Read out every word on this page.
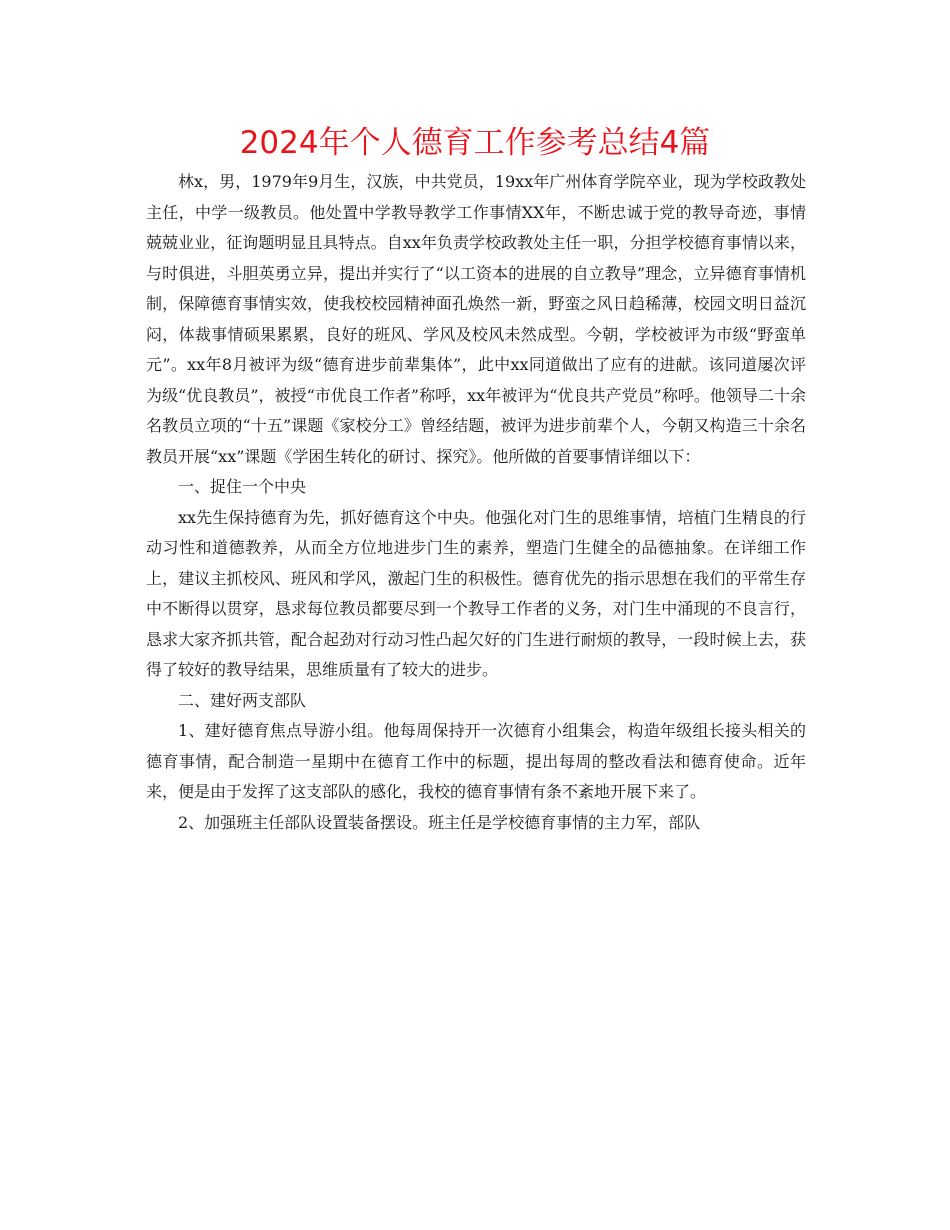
2024年个人德育工作参考总结4篇

林x，男，1979年9月生，汉族，中共党员，19xx年广州体育学院卒业，现为学校政教处主任，中学一级教员。他处置中学教导教学工作事情XX年，不断忠诚于党的教导奇迹，事情兢兢业业，征询题明显且具特点。自xx年负责学校政教处主任一职，分担学校德育事情以来，与时俱进，斗胆英勇立异，提出并实行了“以工资本的进展的自立教导”理念，立异德育事情机制，保障德育事情实效，使我校校园精神面孔焕然一新，野蛮之风日趋稀薄，校园文明日益沉闷，体裁事情硕果累累，良好的班风、学风及校风未然成型。今朝，学校被评为市级“野蛮单元”。xx年8月被评为级“德育进步前辈集体”，此中xx同道做出了应有的进献。该同道屡次评为级“优良教员”，被授“市优良工作者”称呼，xx年被评为“优良共产党员”称呼。他领导二十余名教员立项的“十五”课题《家校分工》曾经结题，被评为进步前辈个人，今朝又构造三十余名教员开展“xx”课题《学困生转化的研讨、探究》。他所做的首要事情详细以下：

一、捉住一个中央

xx先生保持德育为先，抓好德育这个中央。他强化对门生的思维事情，培植门生精良的行动习性和道德教养，从而全方位地进步门生的素养，塑造门生健全的品德抽象。在详细工作上，建议主抓校风、班风和学风，激起门生的积极性。德育优先的指示思想在我们的平常生存中不断得以贯穿，恳求每位教员都要尽到一个教导工作者的义务，对门生中涌现的不良言行，恳求大家齐抓共管，配合起劲对行动习性凸起欠好的门生进行耐烦的教导，一段时候上去，获得了较好的教导结果，思维质量有了较大的进步。

二、建好两支部队

1、建好德育焦点导游小组。他每周保持开一次德育小组集会，构造年级组长接头相关的德育事情，配合制造一星期中在德育工作中的标题，提出每周的整改看法和德育使命。近年来，便是由于发挥了这支部队的感化，我校的德育事情有条不紊地开展下来了。

2、加强班主任部队设置装备摆设。班主任是学校德育事情的主力军，部队
